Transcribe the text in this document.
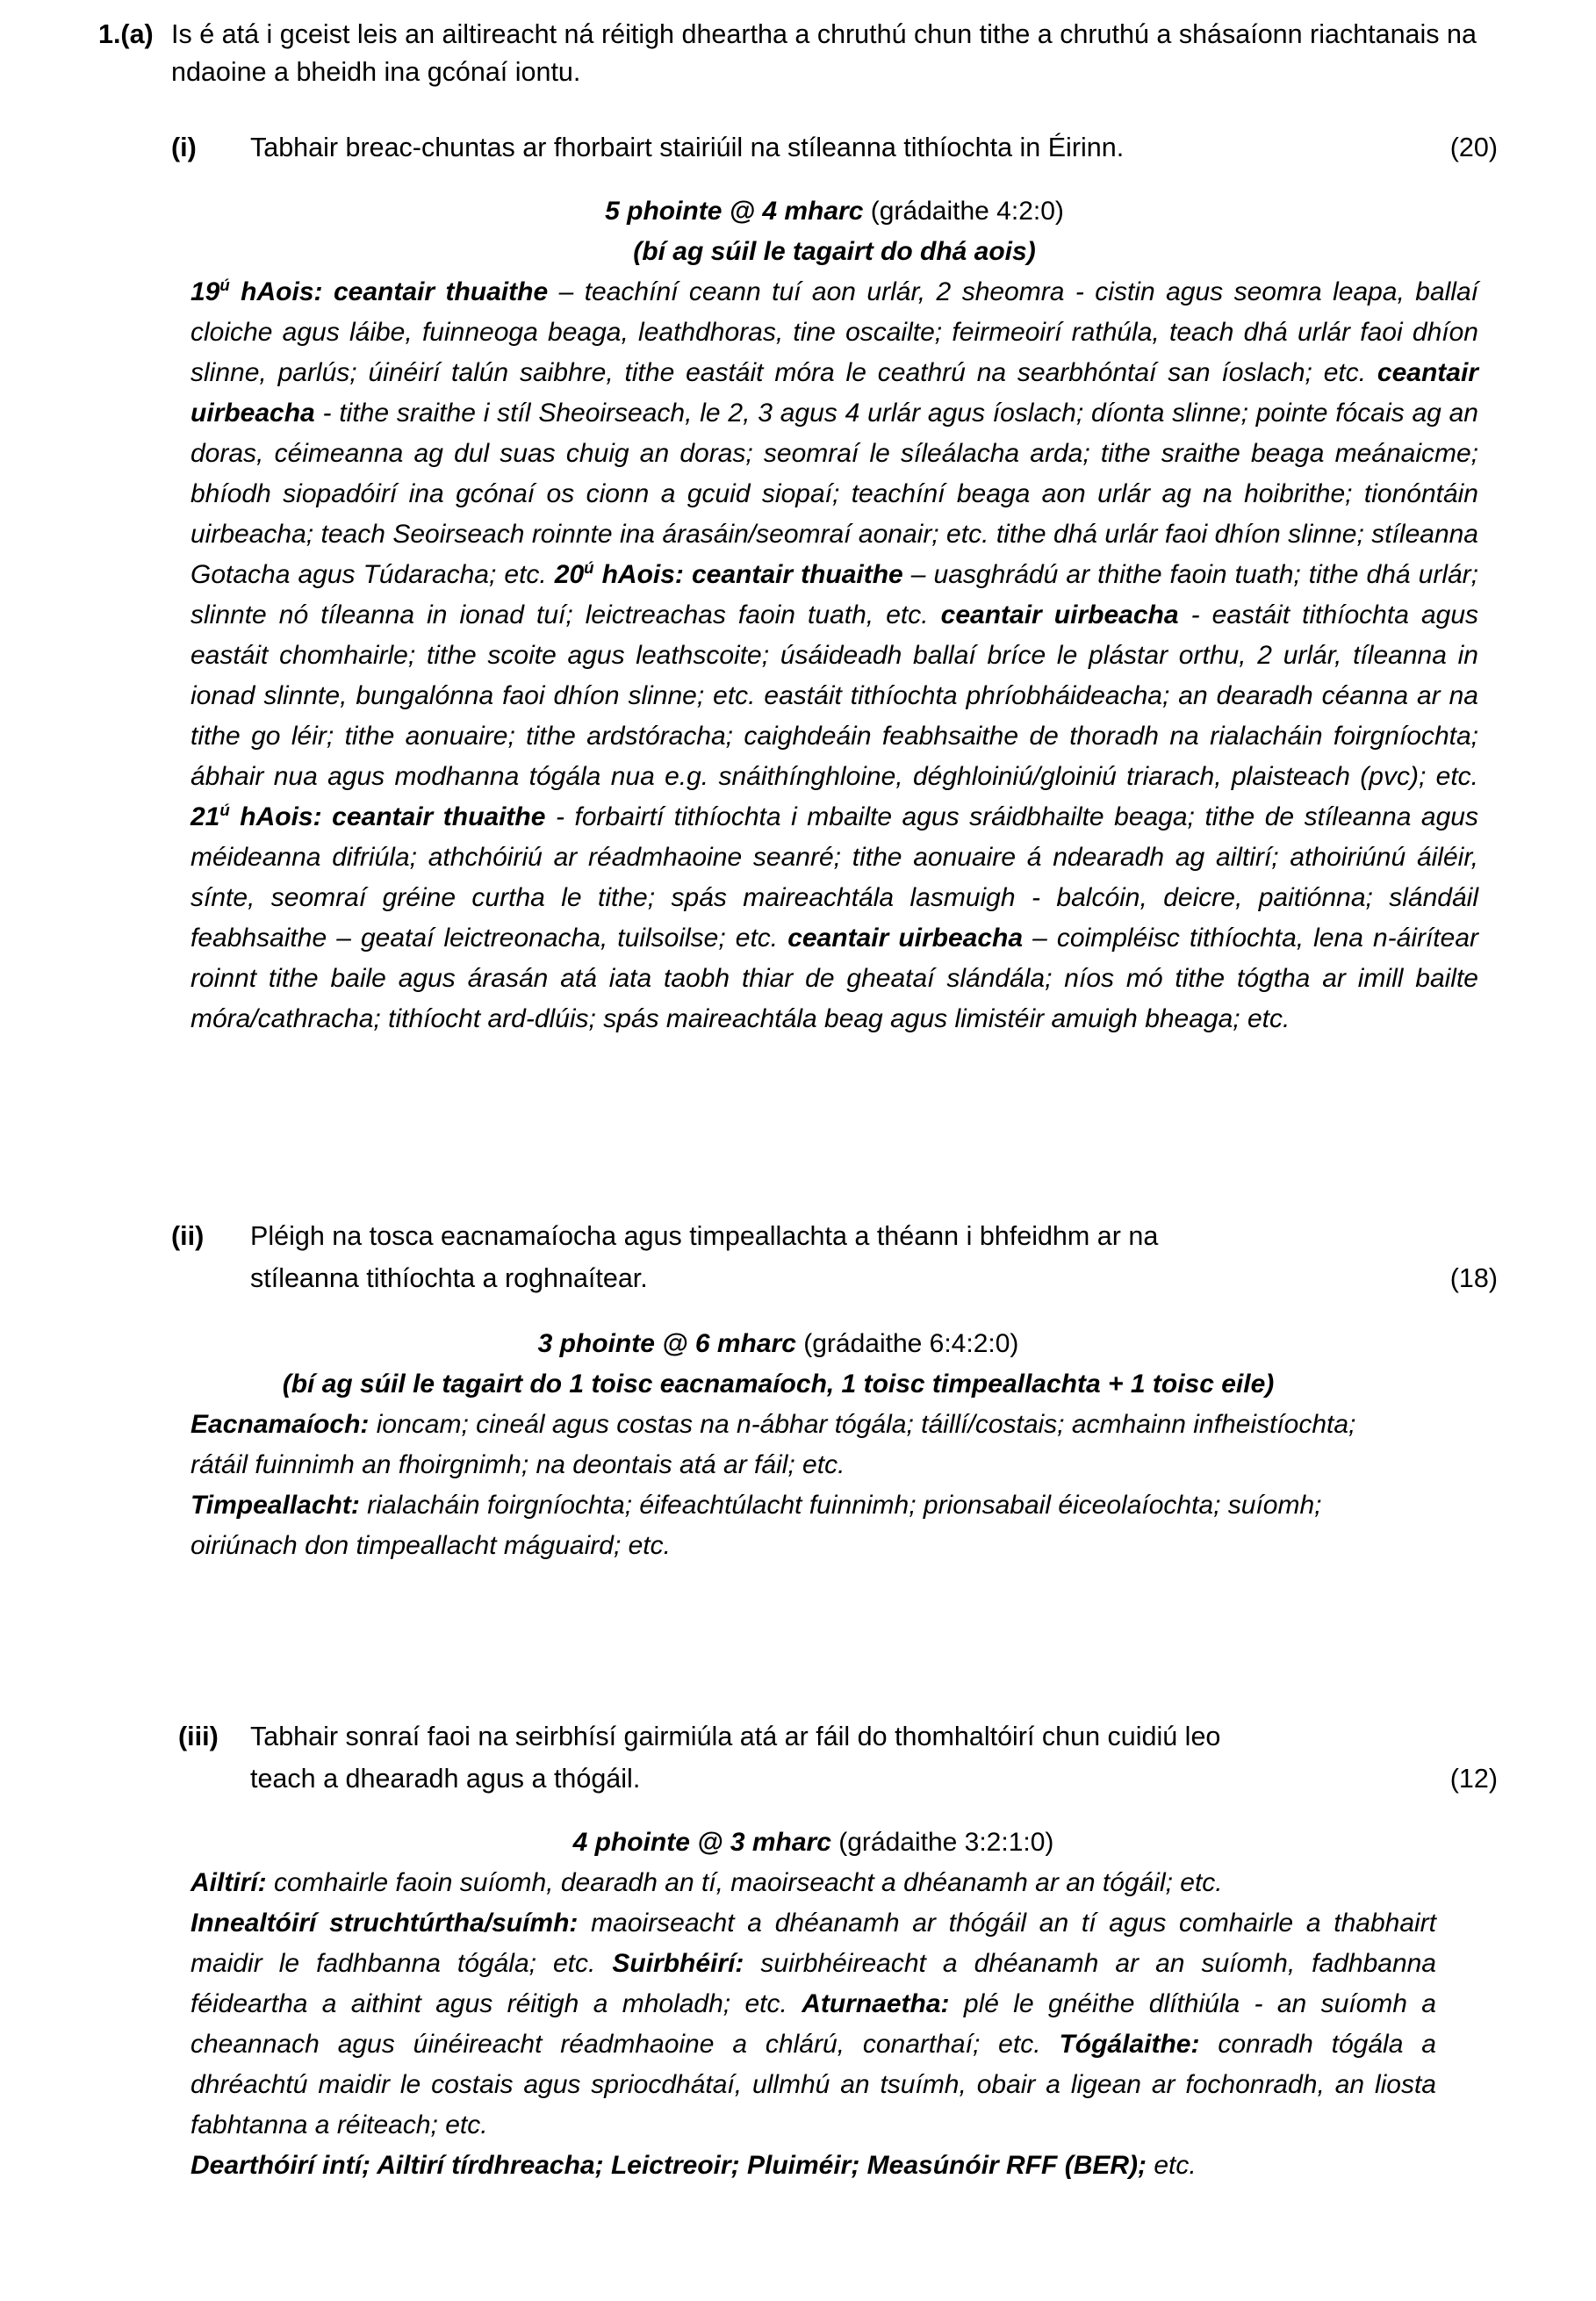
1.(a) Is é atá i gceist leis an ailtireacht ná réitigh dheartha a chruthú chun tithe a chruthú a shásaíonn riachtanais na ndaoine a bheidh ina gcónaí iontu.

(i)	Tabhair breac-chuntas ar fhorbairt stairiúil na stíleanna tithíochta in Éirinn.	(20)
5 phointe @ 4 mharc (grádaithe 4:2:0)
(bí ag súil le tagairt do dhá aois)
$19^ú$ hAois: ceantair thuaithe – teachíní ceann tuí aon urlár, 2 sheomra - cistin agus seomra leapa, ballaí cloiche agus láibe, fuinneoga beaga, leathdhoras, tine oscailte; feirmeoirí rathúla, teach dhá urlár faoi dhíon slinne, parlús; úinéirí talún saibhre, tithe eastáit móra le ceathrú na searbhóntaí san íoslach; etc. ceantair uirbeacha - tithe sraithe i stíl Sheoirseach, le 2, 3 agus 4 urlár agus íoslach; díonta slinne; pointe fócais ag an doras, céimeanna ag dul suas chuig an doras; seomraí le síleálacha arda; tithe sraithe beaga meánaicme; bhíodh siopadóirí ina gcónaí os cionn a gcuid siopaí; teachíní beaga aon urlár ag na hoibrithe; tionóntáin uirbeacha; teach Seoirseach roinnte ina árasáin/seomraí aonair; etc. tithe dhá urlár faoi dhíon slinne; stíleanna Gotacha agus Túdaracha; etc. $20^ú$ hAois: ceantair thuaithe – uasghrádú ar thithe faoin tuath; tithe dhá urlár; slinnte nó tíleanna in ionad tuí; leictreachas faoin tuath, etc. ceantair uirbeacha - eastáit tithíochta agus eastáit chomhairle; tithe scoite agus leathscoite; úsáideadh ballaí bríce le plástar orthu, 2 urlár, tíleanna in ionad slinnte, bungalónna faoi dhíon slinne; etc. eastáit tithíochta phríobháideacha; an dearadh céanna ar na tithe go léir; tithe aonuaire; tithe ardstóracha; caighdeáin feabhsaithe de thoradh na rialacháin foirgníochta; ábhair nua agus modhanna tógála nua e.g. snáithínghloine, déghloiniú/gloiniú triarach, plaisteach (pvc); etc. $21^ú$ hAois: ceantair thuaithe - forbairtí tithíochta i mbailte agus sráidbhailte beaga; tithe de stíleanna agus méideanna difriúla; athchóiriú ar réadmhaoine seanré; tithe aonuaire á ndearadh ag ailtirí; athoiriúnú áiléir, sínte, seomraí gréine curtha le tithe; spás maireachtála lasmuigh - balcóin, deicre, paitiónna; slándáil feabhsaithe – geataí leictreonacha, tuilsoilse; etc. ceantair uirbeacha – coimpléisc tithíochta, lena n-áirítear roinnt tithe baile agus árasán atá iata taobh thiar de gheataí slándála; níos mó tithe tógtha ar imill bailte móra/cathracha; tithíocht ard-dlúis; spás maireachtála beag agus limistéir amuigh bheaga; etc.
(ii)	Pléigh na tosca eacnamaíocha agus timpeallachta a théann i bhfeidhm ar na
stíleanna tithíochta a roghnaítear.	(18)
3 phointe @ 6 mharc (grádaithe 6:4:2:0)
(bí ag súil le tagairt do 1 toisc eacnamaíoch, 1 toisc timpeallachta + 1 toisc eile)
Eacnamaíoch: ioncam; cineál agus costas na n-ábhar tógála; táillí/costais; acmhainn infheistíochta; rátáil fuinnimh an fhoirgnimh; na deontais atá ar fáil; etc.
Timpeallacht: rialacháin foirgníochta; éifeachtúlacht fuinnimh; prionsabail éiceolaíochta; suíomh; oiriúnach don timpeallacht máguaird; etc.
(iii)	Tabhair sonraí faoi na seirbhísí gairmiúla atá ar fáil do thomhaltóirí chun cuidiú leo
teach a dhearadh agus a thógáil.	(12)
4 phointe @ 3 mharc (grádaithe 3:2:1:0)
Ailtirí: comhairle faoin suíomh, dearadh an tí, maoirseacht a dhéanamh ar an tógáil; etc.
Innealtóirí struchtúrtha/suímh: maoirseacht a dhéanamh ar thógáil an tí agus comhairle a thabhairt maidir le fadhbanna tógála; etc. Suirbhéirí: suirbhéireacht a dhéanamh ar an suíomh, fadhbanna féideartha a aithint agus réitigh a mholadh; etc. Aturnaetha: plé le gnéithe dlíthiúla - an suíomh a cheannach agus úinéireacht réadmhaoine a chlárú, conarthaí; etc. Tógálaithe: conradh tógála a dhréachtú maidir le costais agus spriocdhátaí, ullmhú an tsuímh, obair a ligean ar fochonradh, an liosta fabhtanna a réiteach; etc.
Dearthóirí intí; Ailtirí tírdhreacha; Leictreoir; Pluiméir; Measúnóir RFF (BER); etc.
